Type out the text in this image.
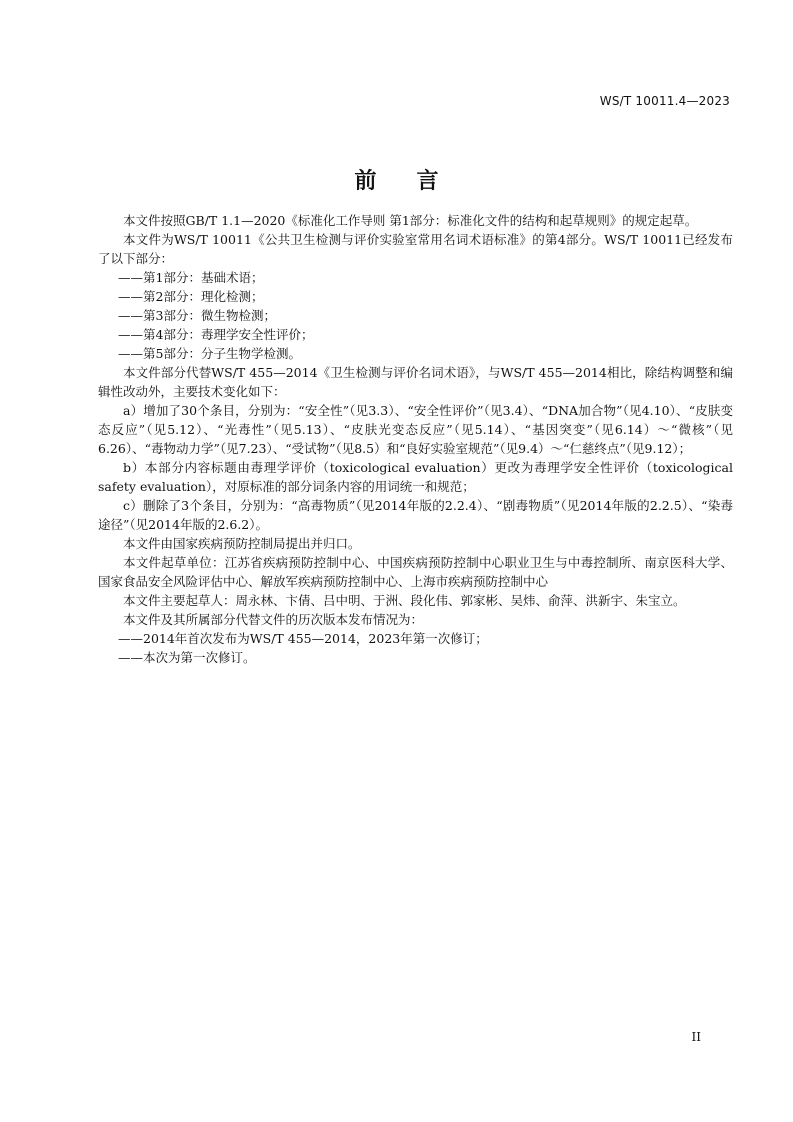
WS/T 10011.4—2023
前言

本文件按照GB/T 1.1—2020《标准化工作导则 第1部分：标准化文件的结构和起草规则》的规定起草。

本文件为WS/T 10011《公共卫生检测与评价实验室常用名词术语标准》的第4部分。WS/T 10011已经发布了以下部分：

——第1部分：基础术语；

——第2部分：理化检测；

——第3部分：微生物检测；

——第4部分：毒理学安全性评价；

——第5部分：分子生物学检测。

本文件部分代替WS/T 455—2014《卫生检测与评价名词术语》，与WS/T 455—2014相比，除结构调整和编辑性改动外，主要技术变化如下：

a）增加了30个条目，分别为：“安全性”（见3.3）、“安全性评价”（见3.4）、“DNA加合物”（见4.10）、“皮肤变态反应”（见5.12）、“光毒性”（见5.13）、“皮肤光变态反应”（见5.14）、“基因突变”（见6.14）～“微核”（见6.26）、“毒物动力学”（见7.23）、“受试物”（见8.5）和“良好实验室规范”（见9.4）～“仁慈终点”（见9.12）；

b）本部分内容标题由毒理学评价（toxicological evaluation）更改为毒理学安全性评价（toxicological safety evaluation），对原标准的部分词条内容的用词统一和规范；

c）删除了3个条目，分别为：“高毒物质”（见2014年版的2.2.4）、“剧毒物质”（见2014年版的2.2.5）、“染毒途径”（见2014年版的2.6.2）。

本文件由国家疾病预防控制局提出并归口。

本文件起草单位：江苏省疾病预防控制中心、中国疾病预防控制中心职业卫生与中毒控制所、南京医科大学、国家食品安全风险评估中心、解放军疾病预防控制中心、上海市疾病预防控制中心

本文件主要起草人：周永林、卞倩、吕中明、于洲、段化伟、郭家彬、吴炜、俞萍、洪新宇、朱宝立。

本文件及其所属部分代替文件的历次版本发布情况为：

——2014年首次发布为WS/T 455—2014，2023年第一次修订；

——本次为第一次修订。

II
